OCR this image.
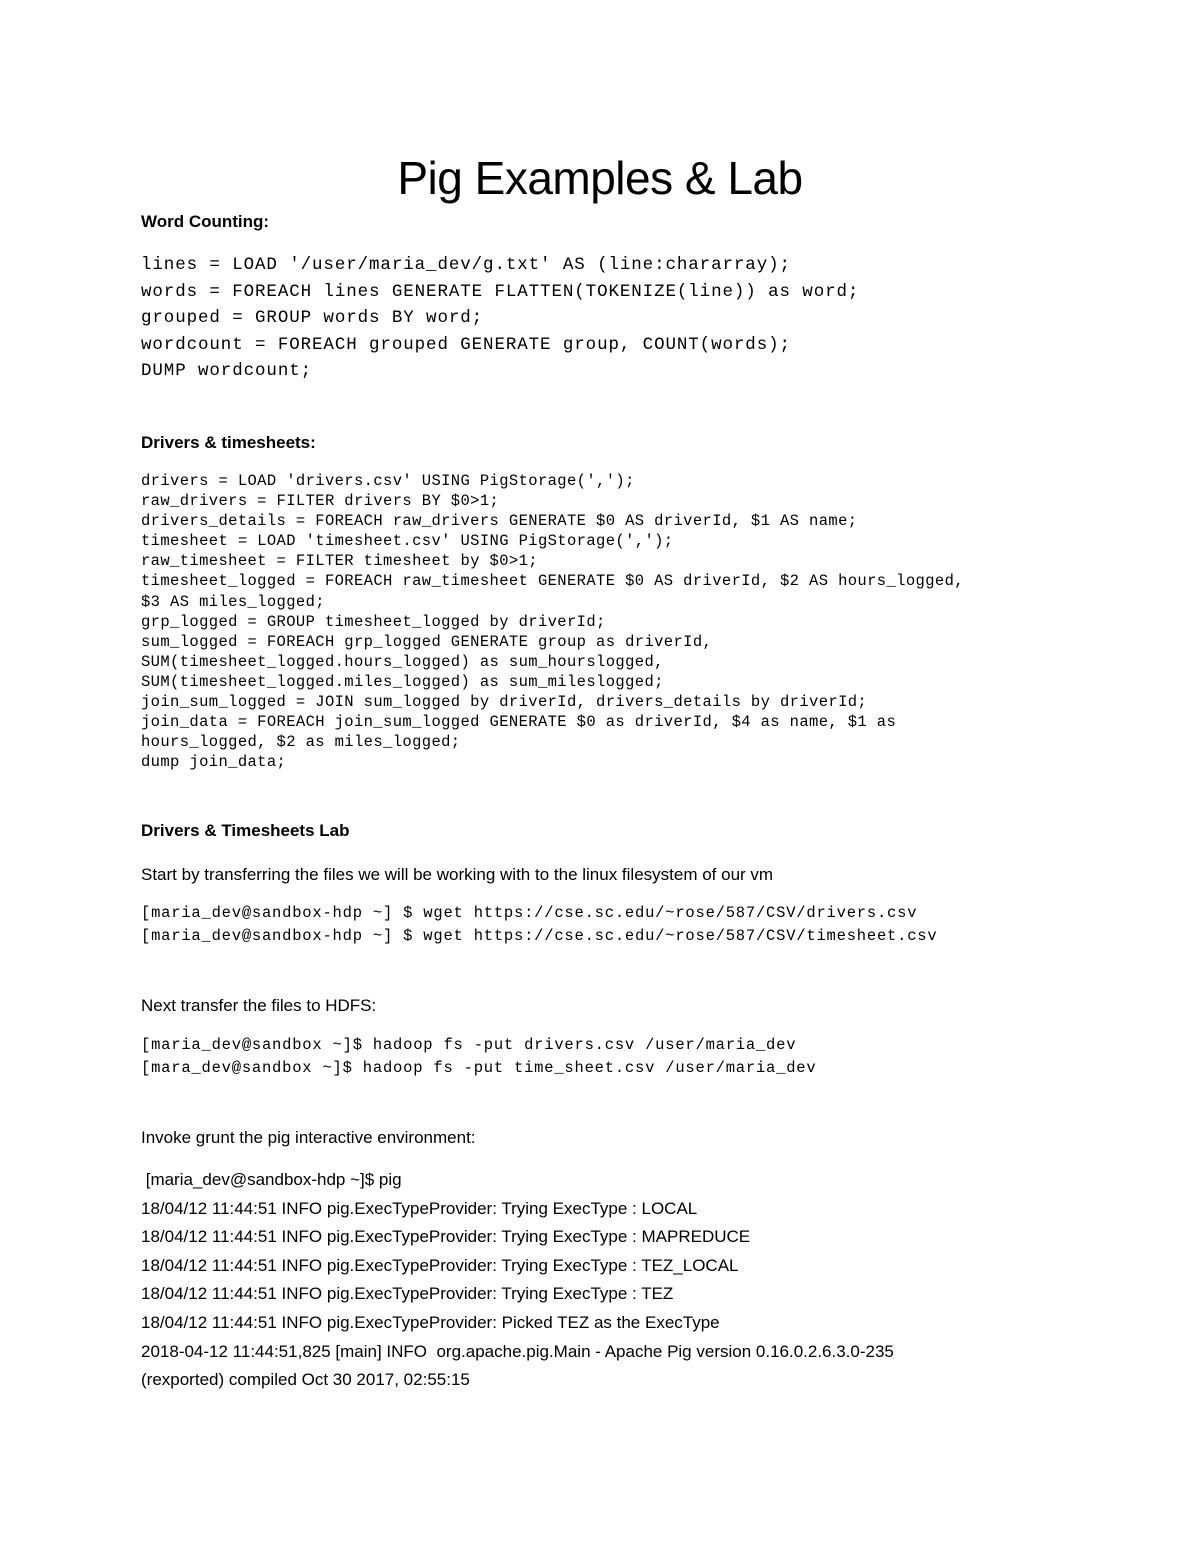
Pig Examples & Lab
Word Counting:
lines = LOAD '/user/maria_dev/g.txt' AS (line:chararray);
words = FOREACH lines GENERATE FLATTEN(TOKENIZE(line)) as word;
grouped = GROUP words BY word;
wordcount = FOREACH grouped GENERATE group, COUNT(words);
DUMP wordcount;
Drivers & timesheets:
drivers = LOAD 'drivers.csv' USING PigStorage(',');
raw_drivers = FILTER drivers BY $0>1;
drivers_details = FOREACH raw_drivers GENERATE $0 AS driverId, $1 AS name;
timesheet = LOAD 'timesheet.csv' USING PigStorage(',');
raw_timesheet = FILTER timesheet by $0>1;
timesheet_logged = FOREACH raw_timesheet GENERATE $0 AS driverId, $2 AS hours_logged,
$3 AS miles_logged;
grp_logged = GROUP timesheet_logged by driverId;
sum_logged = FOREACH grp_logged GENERATE group as driverId,
SUM(timesheet_logged.hours_logged) as sum_hourslogged,
SUM(timesheet_logged.miles_logged) as sum_mileslogged;
join_sum_logged = JOIN sum_logged by driverId, drivers_details by driverId;
join_data = FOREACH join_sum_logged GENERATE $0 as driverId, $4 as name, $1 as
hours_logged, $2 as miles_logged;
dump join_data;
Drivers & Timesheets Lab
Start by transferring the files we will be working with to the linux filesystem of our vm
[maria_dev@sandbox-hdp ~] $ wget https://cse.sc.edu/~rose/587/CSV/drivers.csv
[maria_dev@sandbox-hdp ~] $ wget https://cse.sc.edu/~rose/587/CSV/timesheet.csv
Next transfer the files to HDFS:
[maria_dev@sandbox ~]$ hadoop fs -put drivers.csv /user/maria_dev
[mara_dev@sandbox ~]$ hadoop fs -put time_sheet.csv /user/maria_dev
Invoke grunt the pig interactive environment:
[maria_dev@sandbox-hdp ~]$ pig
18/04/12 11:44:51 INFO pig.ExecTypeProvider: Trying ExecType : LOCAL
18/04/12 11:44:51 INFO pig.ExecTypeProvider: Trying ExecType : MAPREDUCE
18/04/12 11:44:51 INFO pig.ExecTypeProvider: Trying ExecType : TEZ_LOCAL
18/04/12 11:44:51 INFO pig.ExecTypeProvider: Trying ExecType : TEZ
18/04/12 11:44:51 INFO pig.ExecTypeProvider: Picked TEZ as the ExecType
2018-04-12 11:44:51,825 [main] INFO  org.apache.pig.Main - Apache Pig version 0.16.0.2.6.3.0-235
(rexported) compiled Oct 30 2017, 02:55:15
